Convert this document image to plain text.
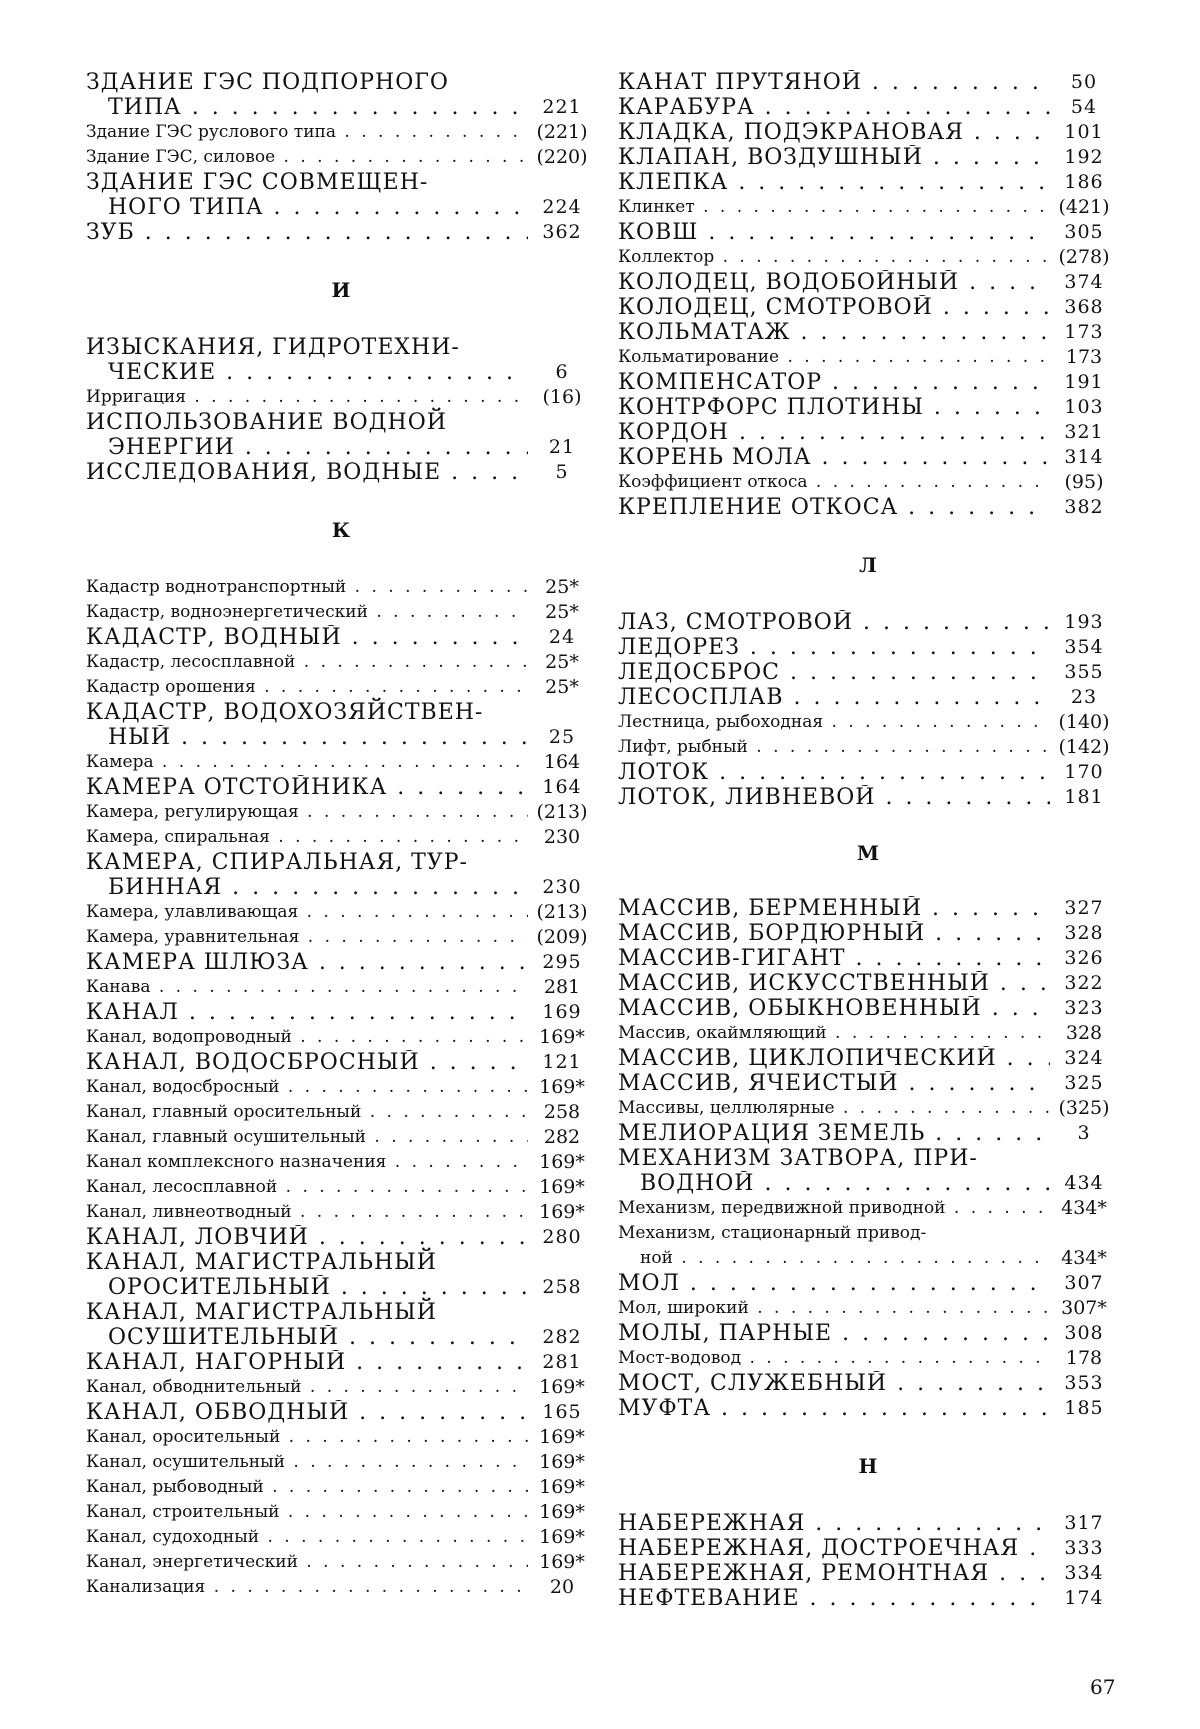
ЗДАНИЕ ГЭС ПОДПОРНОГО
ТИПА . . .	221
Здание ГЭС руслового типа . . .	(221)
Здание ГЭС, силовое . . .	(220)
ЗДАНИЕ ГЭС СОВМЕЩЕН-
НОГО ТИПА . . .	224
ЗУБ . . .	362
И
ИЗЫСКАНИЯ, ГИДРОТЕХНИ-
ЧЕСКИЕ . . .	6
Ирригация . . .	(16)
ИСПОЛЬЗОВАНИЕ ВОДНОЙ
ЭНЕРГИИ . . .	21
ИССЛЕДОВАНИЯ, ВОДНЫЕ . . .	5
К
Кадастр воднотранспортный . . .	25*
Кадастр, водноэнергетический . . .	25*
КАДАСТР, ВОДНЫЙ . . .	24
Кадастр, лесосплавной . . .	25*
Кадастр орошения . . .	25*
КАДАСТР, ВОДОХОЗЯЙСТВЕН-
НЫЙ . . .	25
Камера . . .	164
КАМЕРА ОТСТОЙНИКА . . .	164
Камера, регулирующая . . .	(213)
Камера, спиральная . . .	230
КАМЕРА, СПИРАЛЬНАЯ, ТУР-
БИННАЯ . . .	230
Камера, улавливающая . . .	(213)
Камера, уравнительная . . .	(209)
КАМЕРА ШЛЮЗА . . .	295
Канава . . .	281
КАНАЛ . . .	169
Канал, водопроводный . . .	169*
КАНАЛ, ВОДОСБРОСНЫЙ . . .	121
Канал, водосбросный . . .	169*
Канал, главный оросительный . . .	258
Канал, главный осушительный . . .	282
Канал комплексного назначения . . .	169*
Канал, лесосплавной . . .	169*
Канал, ливнеотводный . . .	169*
КАНАЛ, ЛОВЧИЙ . . .	280
КАНАЛ, МАГИСТРАЛЬНЫЙ
ОРОСИТЕЛЬНЫЙ . . .	258
КАНАЛ, МАГИСТРАЛЬНЫЙ
ОСУШИТЕЛЬНЫЙ . . .	282
КАНАЛ, НАГОРНЫЙ . . .	281
Канал, обводнительный . . .	169*
КАНАЛ, ОБВОДНЫЙ . . .	165
Канал, оросительный . . .	169*
Канал, осушительный . . .	169*
Канал, рыбоводный . . .	169*
Канал, строительный . . .	169*
Канал, судоходный . . .	169*
Канал, энергетический . . .	169*
Канализация . . .	20
КАНАТ ПРУТЯНОЙ . . .	50
КАРАБУРА . . .	54
КЛАДКА, ПОДЭКРАНОВАЯ . . .	101
КЛАПАН, ВОЗДУШНЫЙ . . .	192
КЛЕПКА . . .	186
Клинкет . . .	(421)
КОВШ . . .	305
Коллектор . . .	(278)
КОЛОДЕЦ, ВОДОБОЙНЫЙ . . .	374
КОЛОДЕЦ, СМОТРОВОЙ . . .	368
КОЛЬМАТАЖ . . .	173
Кольматирование . . .	173
КОМПЕНСАТОР . . .	191
КОНТРФОРС ПЛОТИНЫ . . .	103
КОРДОН . . .	321
КОРЕНЬ МОЛА . . .	314
Коэффициент откоса . . .	(95)
КРЕПЛЕНИЕ ОТКОСА . . .	382
Л
ЛАЗ, СМОТРОВОЙ . . .	193
ЛЕДОРЕЗ . . .	354
ЛЕДОСБРОС . . .	355
ЛЕСОСПЛАВ . . .	23
Лестница, рыбоходная . . .	(140)
Лифт, рыбный . . .	(142)
ЛОТОК . . .	170
ЛОТОК, ЛИВНЕВОЙ . . .	181
М
МАССИВ, БЕРМЕННЫЙ . . .	327
МАССИВ, БОРДЮРНЫЙ . . .	328
МАССИВ-ГИГАНТ . . .	326
МАССИВ, ИСКУССТВЕННЫЙ . . .	322
МАССИВ, ОБЫКНОВЕННЫЙ . . .	323
Массив, окаймляющий . . .	328
МАССИВ, ЦИКЛОПИЧЕСКИЙ . . .	324
МАССИВ, ЯЧЕИСТЫЙ . . .	325
Массивы, целлюлярные . . .	(325)
МЕЛИОРАЦИЯ ЗЕМЕЛЬ . . .	3
МЕХАНИЗМ ЗАТВОРА, ПРИ-
ВОДНОЙ . . .	434
Механизм, передвижной приводной . . .	434*
Механизм, стационарный привод-
ной . . .	434*
МОЛ . . .	307
Мол, широкий . . .	307*
МОЛЫ, ПАРНЫЕ . . .	308
Мост-водовод . . .	178
МОСТ, СЛУЖЕБНЫЙ . . .	353
МУФТА . . .	185
Н
НАБЕРЕЖНАЯ . . .	317
НАБЕРЕЖНАЯ, ДОСТРОЕЧНАЯ . . .	333
НАБЕРЕЖНАЯ, РЕМОНТНАЯ . . .	334
НЕФТЕВАНИЕ . . .	174
67
